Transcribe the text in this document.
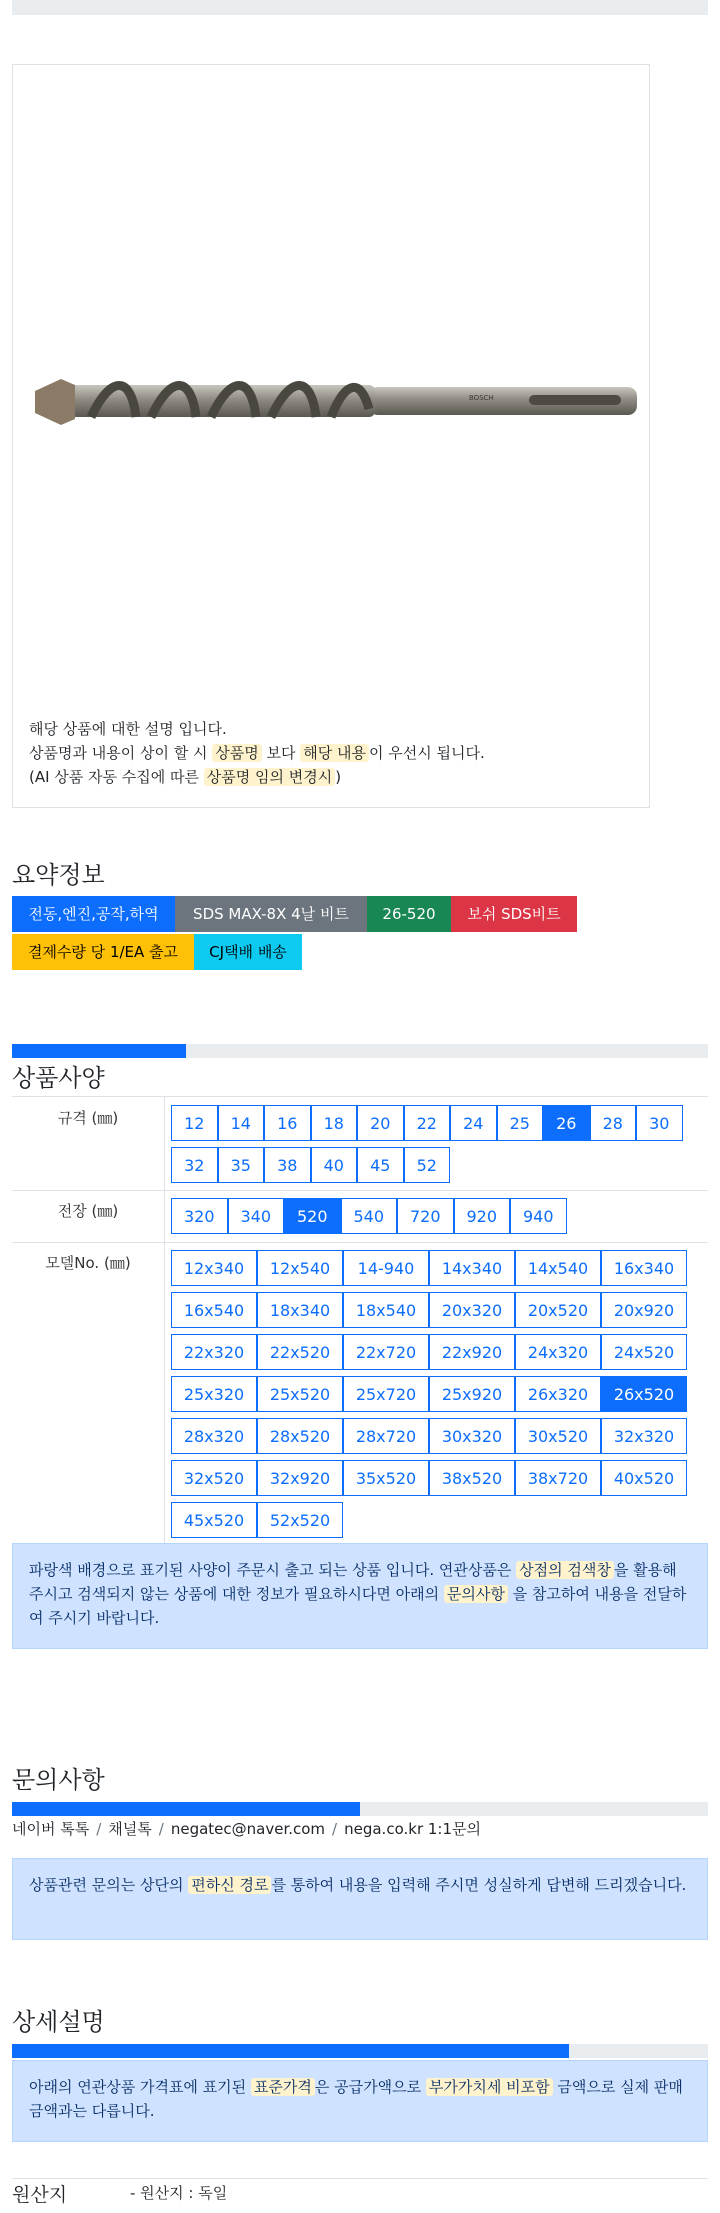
BOSCH
해당 상품에 대한 설명 입니다.
상품명과 내용이 상이 할 시 상품명 보다 해당 내용 이 우선시 됩니다.
(AI 상품 자동 수집에 따른 상품명 임의 변경시 )
요약정보
전동,엔진,공작,하역	SDS MAX-8X 4날 비트	26-520	보쉬 SDS비트
결제수량 당 1/EA 출고	CJ택배 배송
상품사양
규격 (㎜)	12	14	16	18	20	22	24	25	26	28	30
32	35	38	40	45	52
전장 (㎜)	320	340	520	540	720	920	940
모델No. (㎜)	12x340	12x540	14-940	14x340	14x540	16x340
16x540	18x340	18x540	20x320	20x520	20x920
22x320	22x520	22x720	22x920	24x320	24x520
25x320	25x520	25x720	25x920	26x320	26x520
28x320	28x520	28x720	30x320	30x520	32x320
32x520	32x920	35x520	38x520	38x720	40x520
45x520	52x520
파랑색 배경으로 표기된 사양이 주문시 출고 되는 상품 입니다. 연관상품은 상점의 검색창 을 활용해 주시고 검색되지 않는 상품에 대한 정보가 필요하시다면 아래의 문의사항 을 참고하여 내용을 전달하여 주시기 바랍니다.
문의사항
네이버 톡톡 / 채널톡 / negatec@naver.com / nega.co.kr 1:1문의
상품관련 문의는 상단의 편하신 경로 를 통하여 내용을 입력해 주시면 성실하게 답변해 드리겠습니다.
상세설명
아래의 연관상품 가격표에 표기된 표준가격 은 공급가액으로 부가가치세 비포함 금액으로 실제 판매금액과는 다릅니다.
원산지	- 원산지 : 독일
